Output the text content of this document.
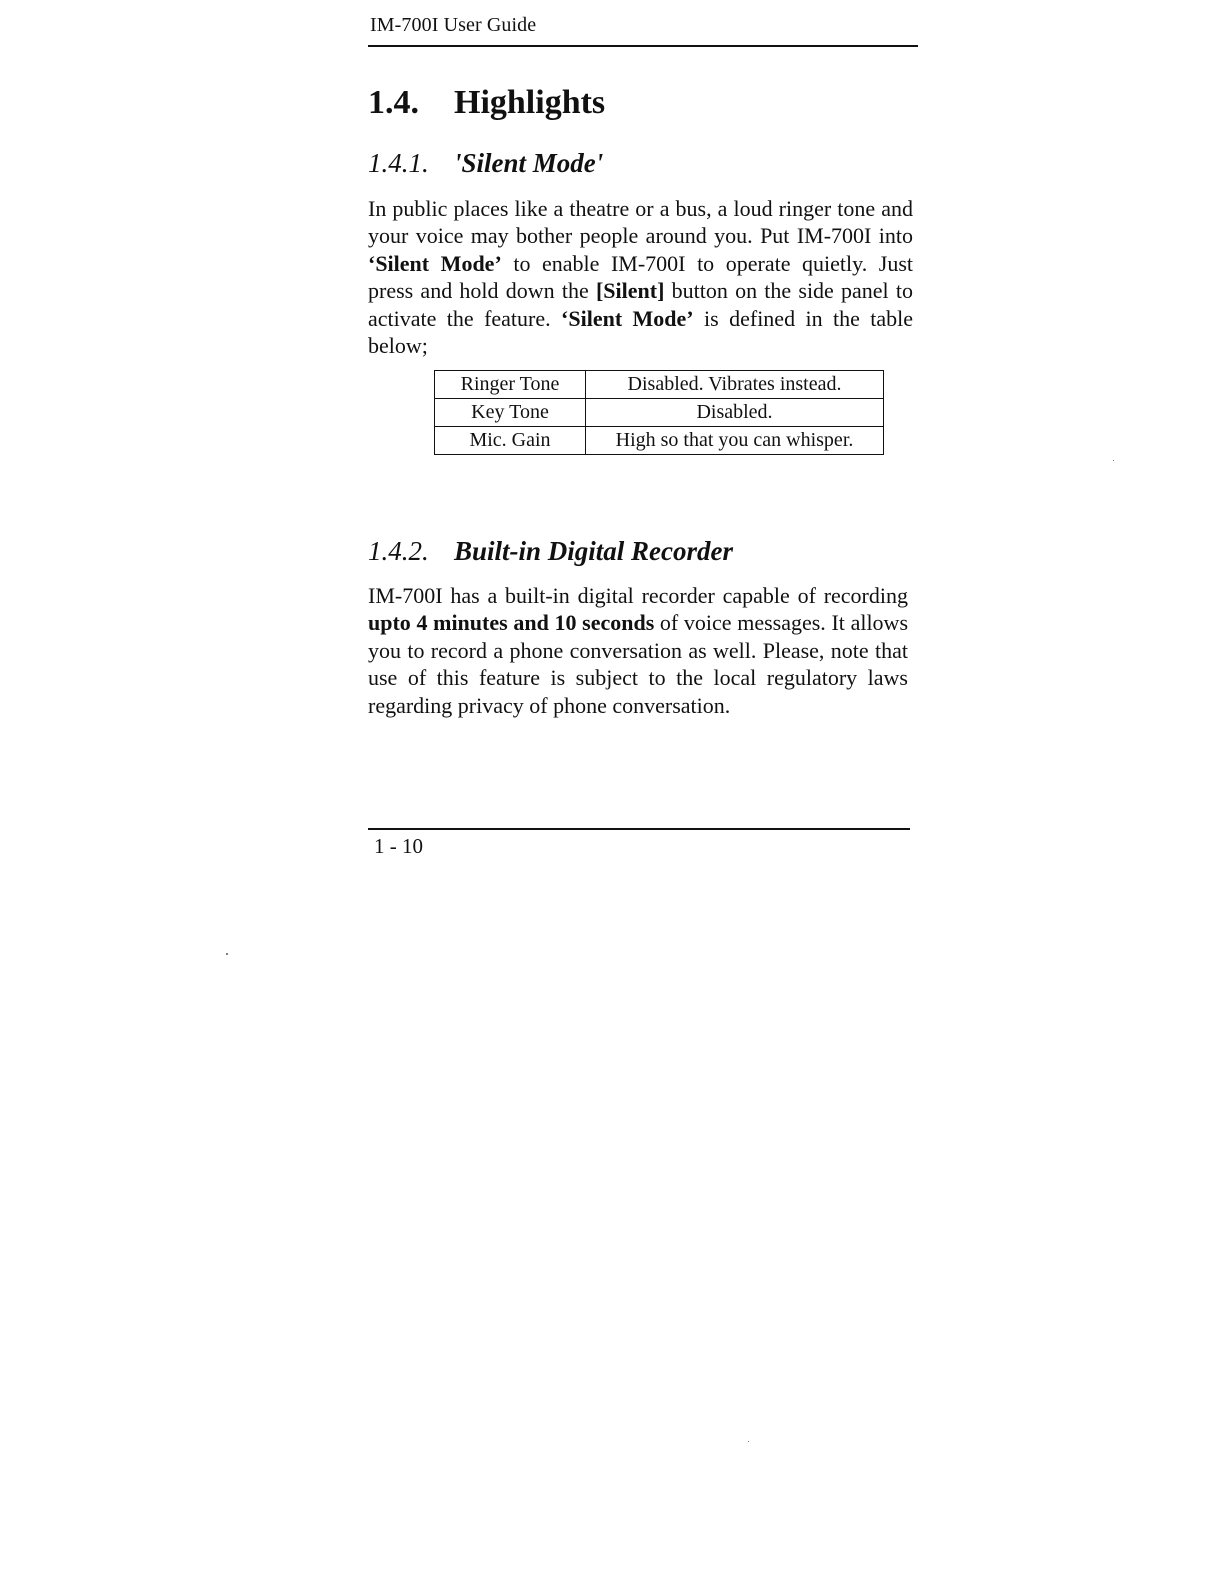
IM-700I User Guide
1.4. Highlights
1.4.1. 'Silent Mode'

In public places like a theatre or a bus, a loud ringer tone and your voice may bother people around you. Put IM-700I into ‘Silent Mode’ to enable IM-700I to operate quietly. Just press and hold down the [Silent] button on the side panel to activate the feature. ‘Silent Mode’ is defined in the table below;

Ringer Tone	Disabled. Vibrates instead.
Key Tone	Disabled.
Mic. Gain	High so that you can whisper.
1.4.2. Built-in Digital Recorder

IM-700I has a built-in digital recorder capable of recording upto 4 minutes and 10 seconds of voice messages. It allows you to record a phone conversation as well. Please, note that use of this feature is subject to the local regulatory laws regarding privacy of phone conversation.

1 - 10
